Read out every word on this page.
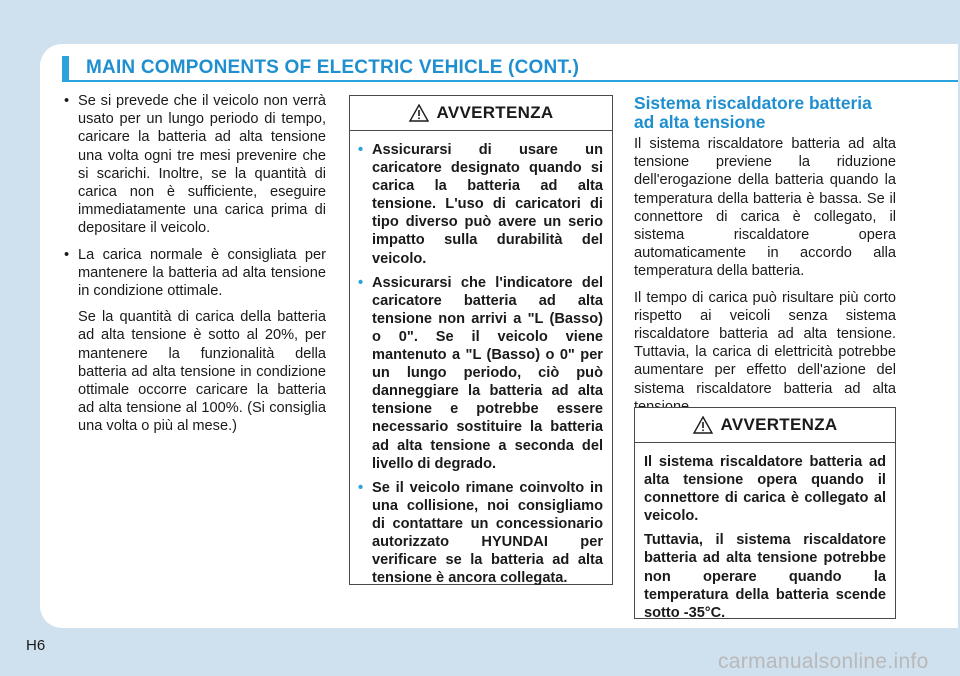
MAIN COMPONENTS OF ELECTRIC VEHICLE (CONT.)
• Se si prevede che il veicolo non verrà usato per un lungo periodo di tempo, caricare la batteria ad alta tensione una volta ogni tre mesi prevenire che si scarichi. Inoltre, se la quantità di carica non è sufficiente, eseguire immediatamente una carica prima di depositare il veicolo.
• La carica normale è consigliata per mantenere la batteria ad alta tensione in condizione ottimale.
Se la quantità di carica della batteria ad alta tensione è sotto al 20%, per mantenere la funzionalità della batteria ad alta tensione in condizione ottimale occorre caricare la batteria ad alta tensione al 100%. (Si consiglia una volta o più al mese.)
AVVERTENZA
• Assicurarsi di usare un caricatore designato quando si carica la batteria ad alta tensione. L'uso di caricatori di tipo diverso può avere un serio impatto sulla durabilità del veicolo.
• Assicurarsi che l'indicatore del caricatore batteria ad alta tensione non arrivi a "L (Basso) o 0". Se il veicolo viene mantenuto a "L (Basso) o 0" per un lungo periodo, ciò può danneggiare la batteria ad alta tensione e potrebbe essere necessario sostituire la batteria ad alta tensione a seconda del livello di degrado.
• Se il veicolo rimane coinvolto in una collisione, noi consigliamo di contattare un concessionario autorizzato HYUNDAI per verificare se la batteria ad alta tensione è ancora collegata.
Sistema riscaldatore batteria ad alta tensione
Il sistema riscaldatore batteria ad alta tensione previene la riduzione dell'erogazione della batteria quando la temperatura della batteria è bassa. Se il connettore di carica è collegato, il sistema riscaldatore opera automaticamente in accordo alla temperatura della batteria.
Il tempo di carica può risultare più corto rispetto ai veicoli senza sistema riscaldatore batteria ad alta tensione. Tuttavia, la carica di elettricità potrebbe aumentare per effetto dell'azione del sistema riscaldatore batteria ad alta
AVVERTENZA
Il sistema riscaldatore batteria ad alta tensione opera quando il connettore di carica è collegato al veicolo.
Tuttavia, il sistema riscaldatore batteria ad alta tensione potrebbe non operare quando la temperatura della batteria scende sotto -35°C.
H6
carmanualsonline.info
